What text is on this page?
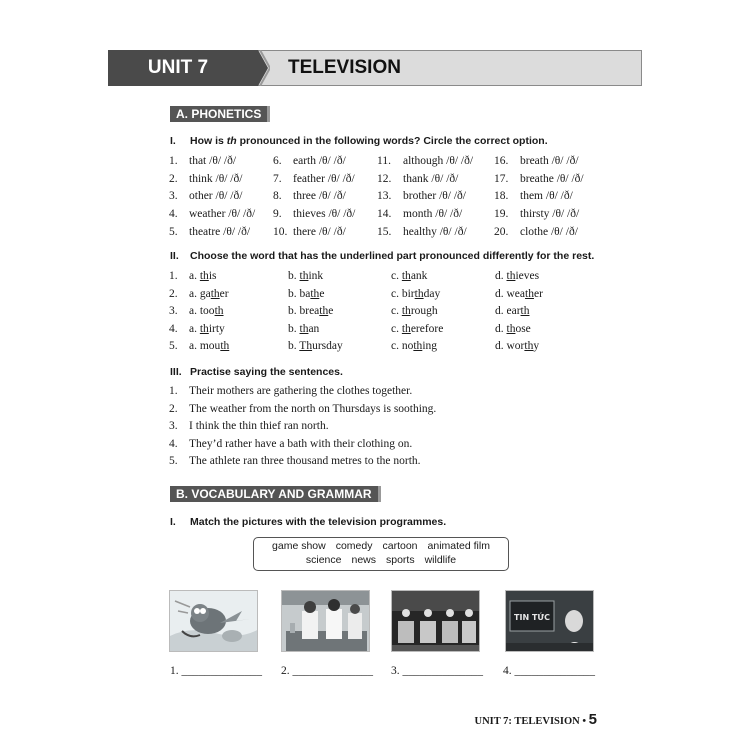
UNIT 7	TELEVISION
A. PHONETICS
I. How is th pronounced in the following words? Circle the correct option.
1. that /θ/ /ð/	6. earth /θ/ /ð/	11. although /θ/ /ð/ 16. breath /θ/ /ð/
2. think /θ/ /ð/	7. feather /θ/ /ð/ 12. thank /θ/ /ð/	17. breathe /θ/ /ð/
3. other /θ/ /ð/	8. three /θ/ /ð/	13. brother /θ/ /ð/ 18. them /θ/ /ð/
4. weather /θ/ /ð/ 9. thieves /θ/ /ð/ 14. month /θ/ /ð/	19. thirsty /θ/ /ð/
5. theatre /θ/ /ð/ 10. there /θ/ /ð/	15. healthy /θ/ /ð/ 20. clothe /θ/ /ð/
II. Choose the word that has the underlined part pronounced differently for the rest.
1. a. this	b. think	c. thank	d. thieves
2. a. gather	b. bathe	c. birthday	d. weather
3. a. tooth	b. breathe	c. through	d. earth
4. a. thirty	b. than	c. therefore	d. those
5. a. mouth	b. Thursday	c. nothing	d. worthy
III. Practise saying the sentences.
1. Their mothers are gathering the clothes together.
2. The weather from the north on Thursdays is soothing.
3. I think the thin thief ran north.
4. They’d rather have a bath with their clothing on.
5. The athlete ran three thousand metres to the north.
B. VOCABULARY AND GRAMMAR
I. Match the pictures with the television programmes.
game show comedy cartoon animated film
science news sports wildlife
TIN TỨC
1. ______________ 2. ______________ 3. ______________ 4. ______________
UNIT 7: TELEVISION • 5
